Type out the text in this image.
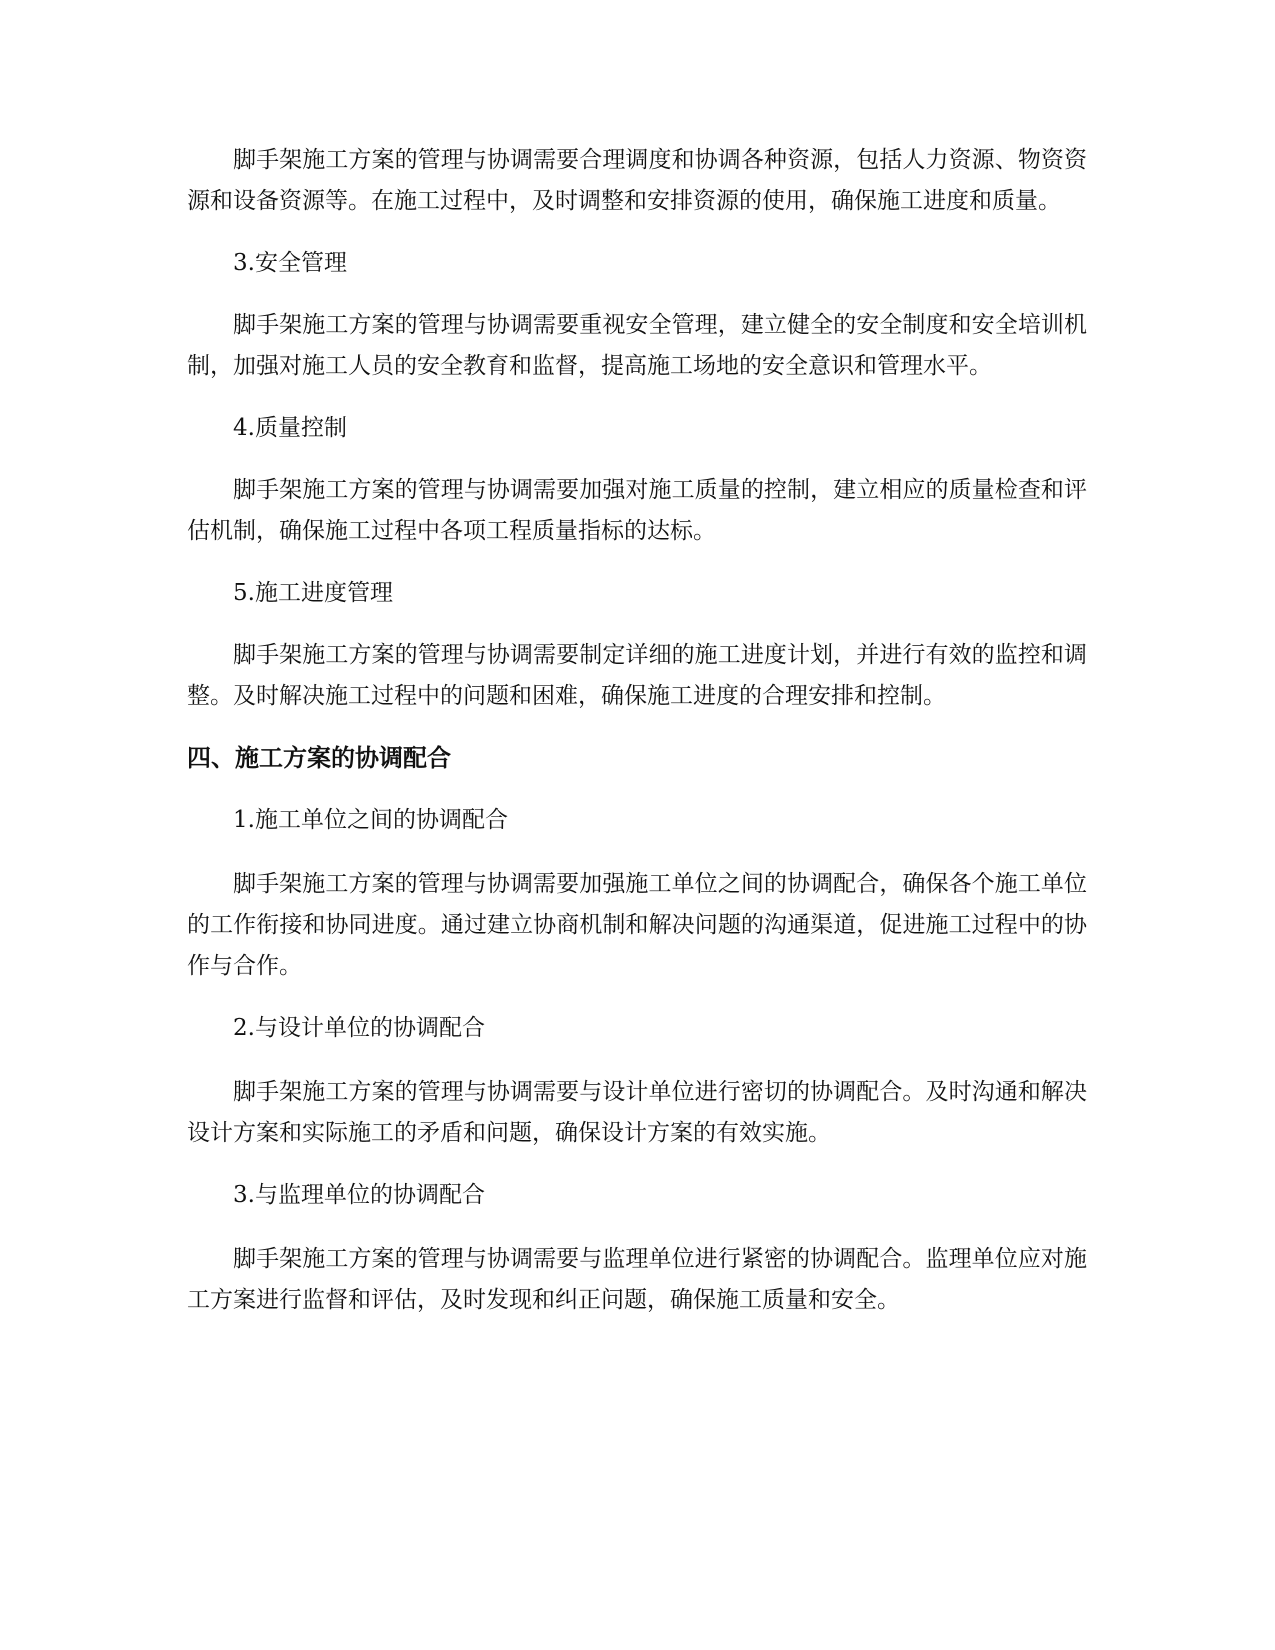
脚手架施工方案的管理与协调需要合理调度和协调各种资源，包括人力资源、物资资源和设备资源等。在施工过程中，及时调整和安排资源的使用，确保施工进度和质量。

3.安全管理

脚手架施工方案的管理与协调需要重视安全管理，建立健全的安全制度和安全培训机制，加强对施工人员的安全教育和监督，提高施工场地的安全意识和管理水平。

4.质量控制

脚手架施工方案的管理与协调需要加强对施工质量的控制，建立相应的质量检查和评估机制，确保施工过程中各项工程质量指标的达标。

5.施工进度管理

脚手架施工方案的管理与协调需要制定详细的施工进度计划，并进行有效的监控和调整。及时解决施工过程中的问题和困难，确保施工进度的合理安排和控制。

四、施工方案的协调配合

1.施工单位之间的协调配合

脚手架施工方案的管理与协调需要加强施工单位之间的协调配合，确保各个施工单位的工作衔接和协同进度。通过建立协商机制和解决问题的沟通渠道，促进施工过程中的协作与合作。

2.与设计单位的协调配合

脚手架施工方案的管理与协调需要与设计单位进行密切的协调配合。及时沟通和解决设计方案和实际施工的矛盾和问题，确保设计方案的有效实施。

3.与监理单位的协调配合

脚手架施工方案的管理与协调需要与监理单位进行紧密的协调配合。监理单位应对施工方案进行监督和评估，及时发现和纠正问题，确保施工质量和安全。
